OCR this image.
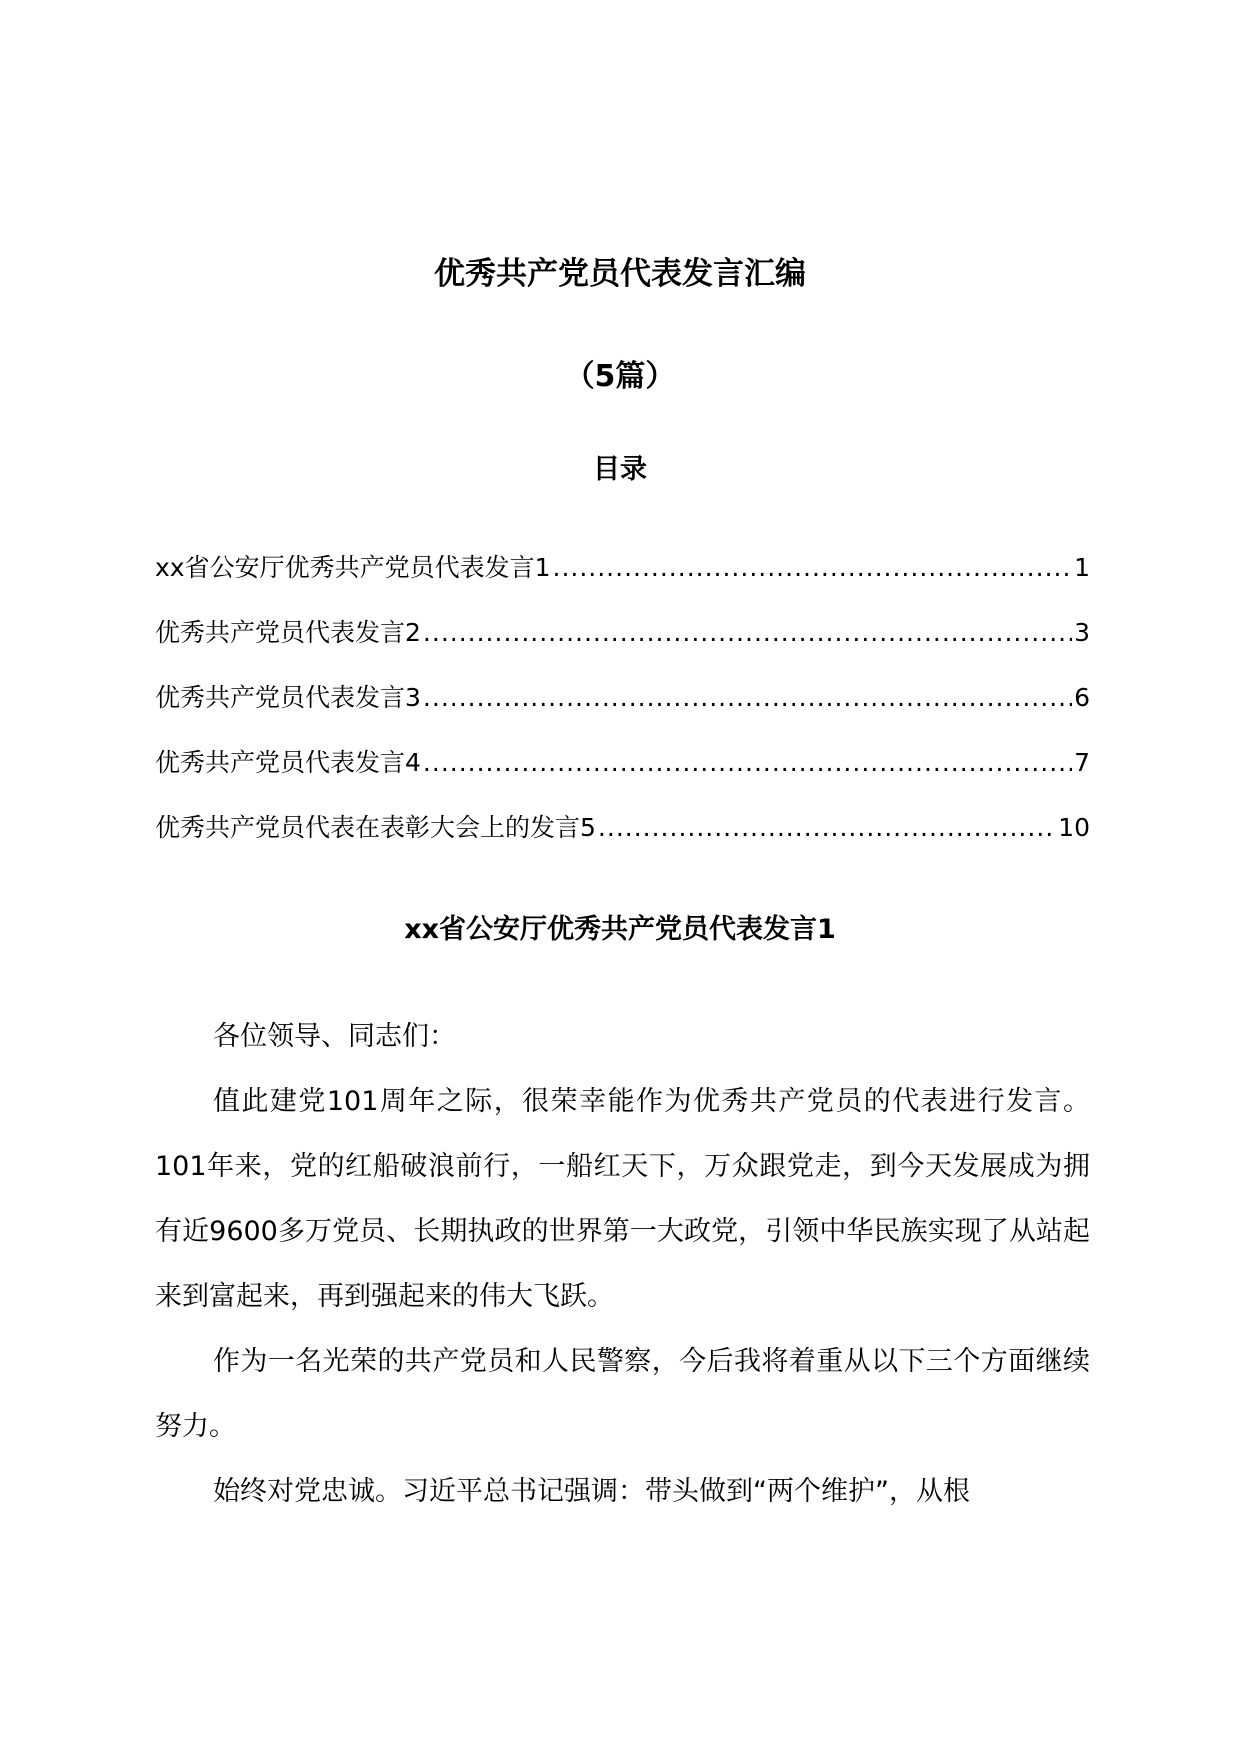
优秀共产党员代表发言汇编
（5篇）
目录
xx省公安厅优秀共产党员代表发言1 .....	1
优秀共产党员代表发言2 .....	3
优秀共产党员代表发言3 .....	6
优秀共产党员代表发言4 .....	7
优秀共产党员代表在表彰大会上的发言5 .....	10
xx省公安厅优秀共产党员代表发言1

各位领导、同志们：

值此建党101周年之际，很荣幸能作为优秀共产党员的代表进行发言。101年来，党的红船破浪前行，一船红天下，万众跟党走，到今天发展成为拥有近9600多万党员、长期执政的世界第一大政党，引领中华民族实现了从站起来到富起来，再到强起来的伟大飞跃。

作为一名光荣的共产党员和人民警察，今后我将着重从以下三个方面继续努力。

始终对党忠诚。习近平总书记强调：带头做到“两个维护”，从根
